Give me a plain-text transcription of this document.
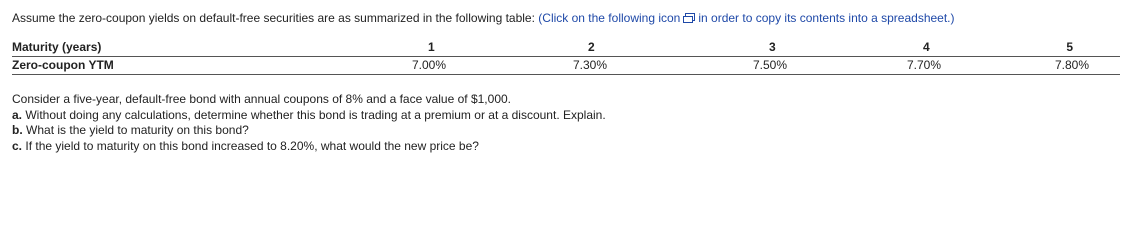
Assume the zero-coupon yields on default-free securities are as summarized in the following table: (Click on the following icon in order to copy its contents into a spreadsheet.)
Maturity (years)	1	2	3	4	5
Zero-coupon YTM	7.00%	7.30%	7.50%	7.70%	7.80%
Consider a five-year, default-free bond with annual coupons of 8% and a face value of $1,000.
a. Without doing any calculations, determine whether this bond is trading at a premium or at a discount. Explain.
b. What is the yield to maturity on this bond?
c. If the yield to maturity on this bond increased to 8.20%, what would the new price be?
